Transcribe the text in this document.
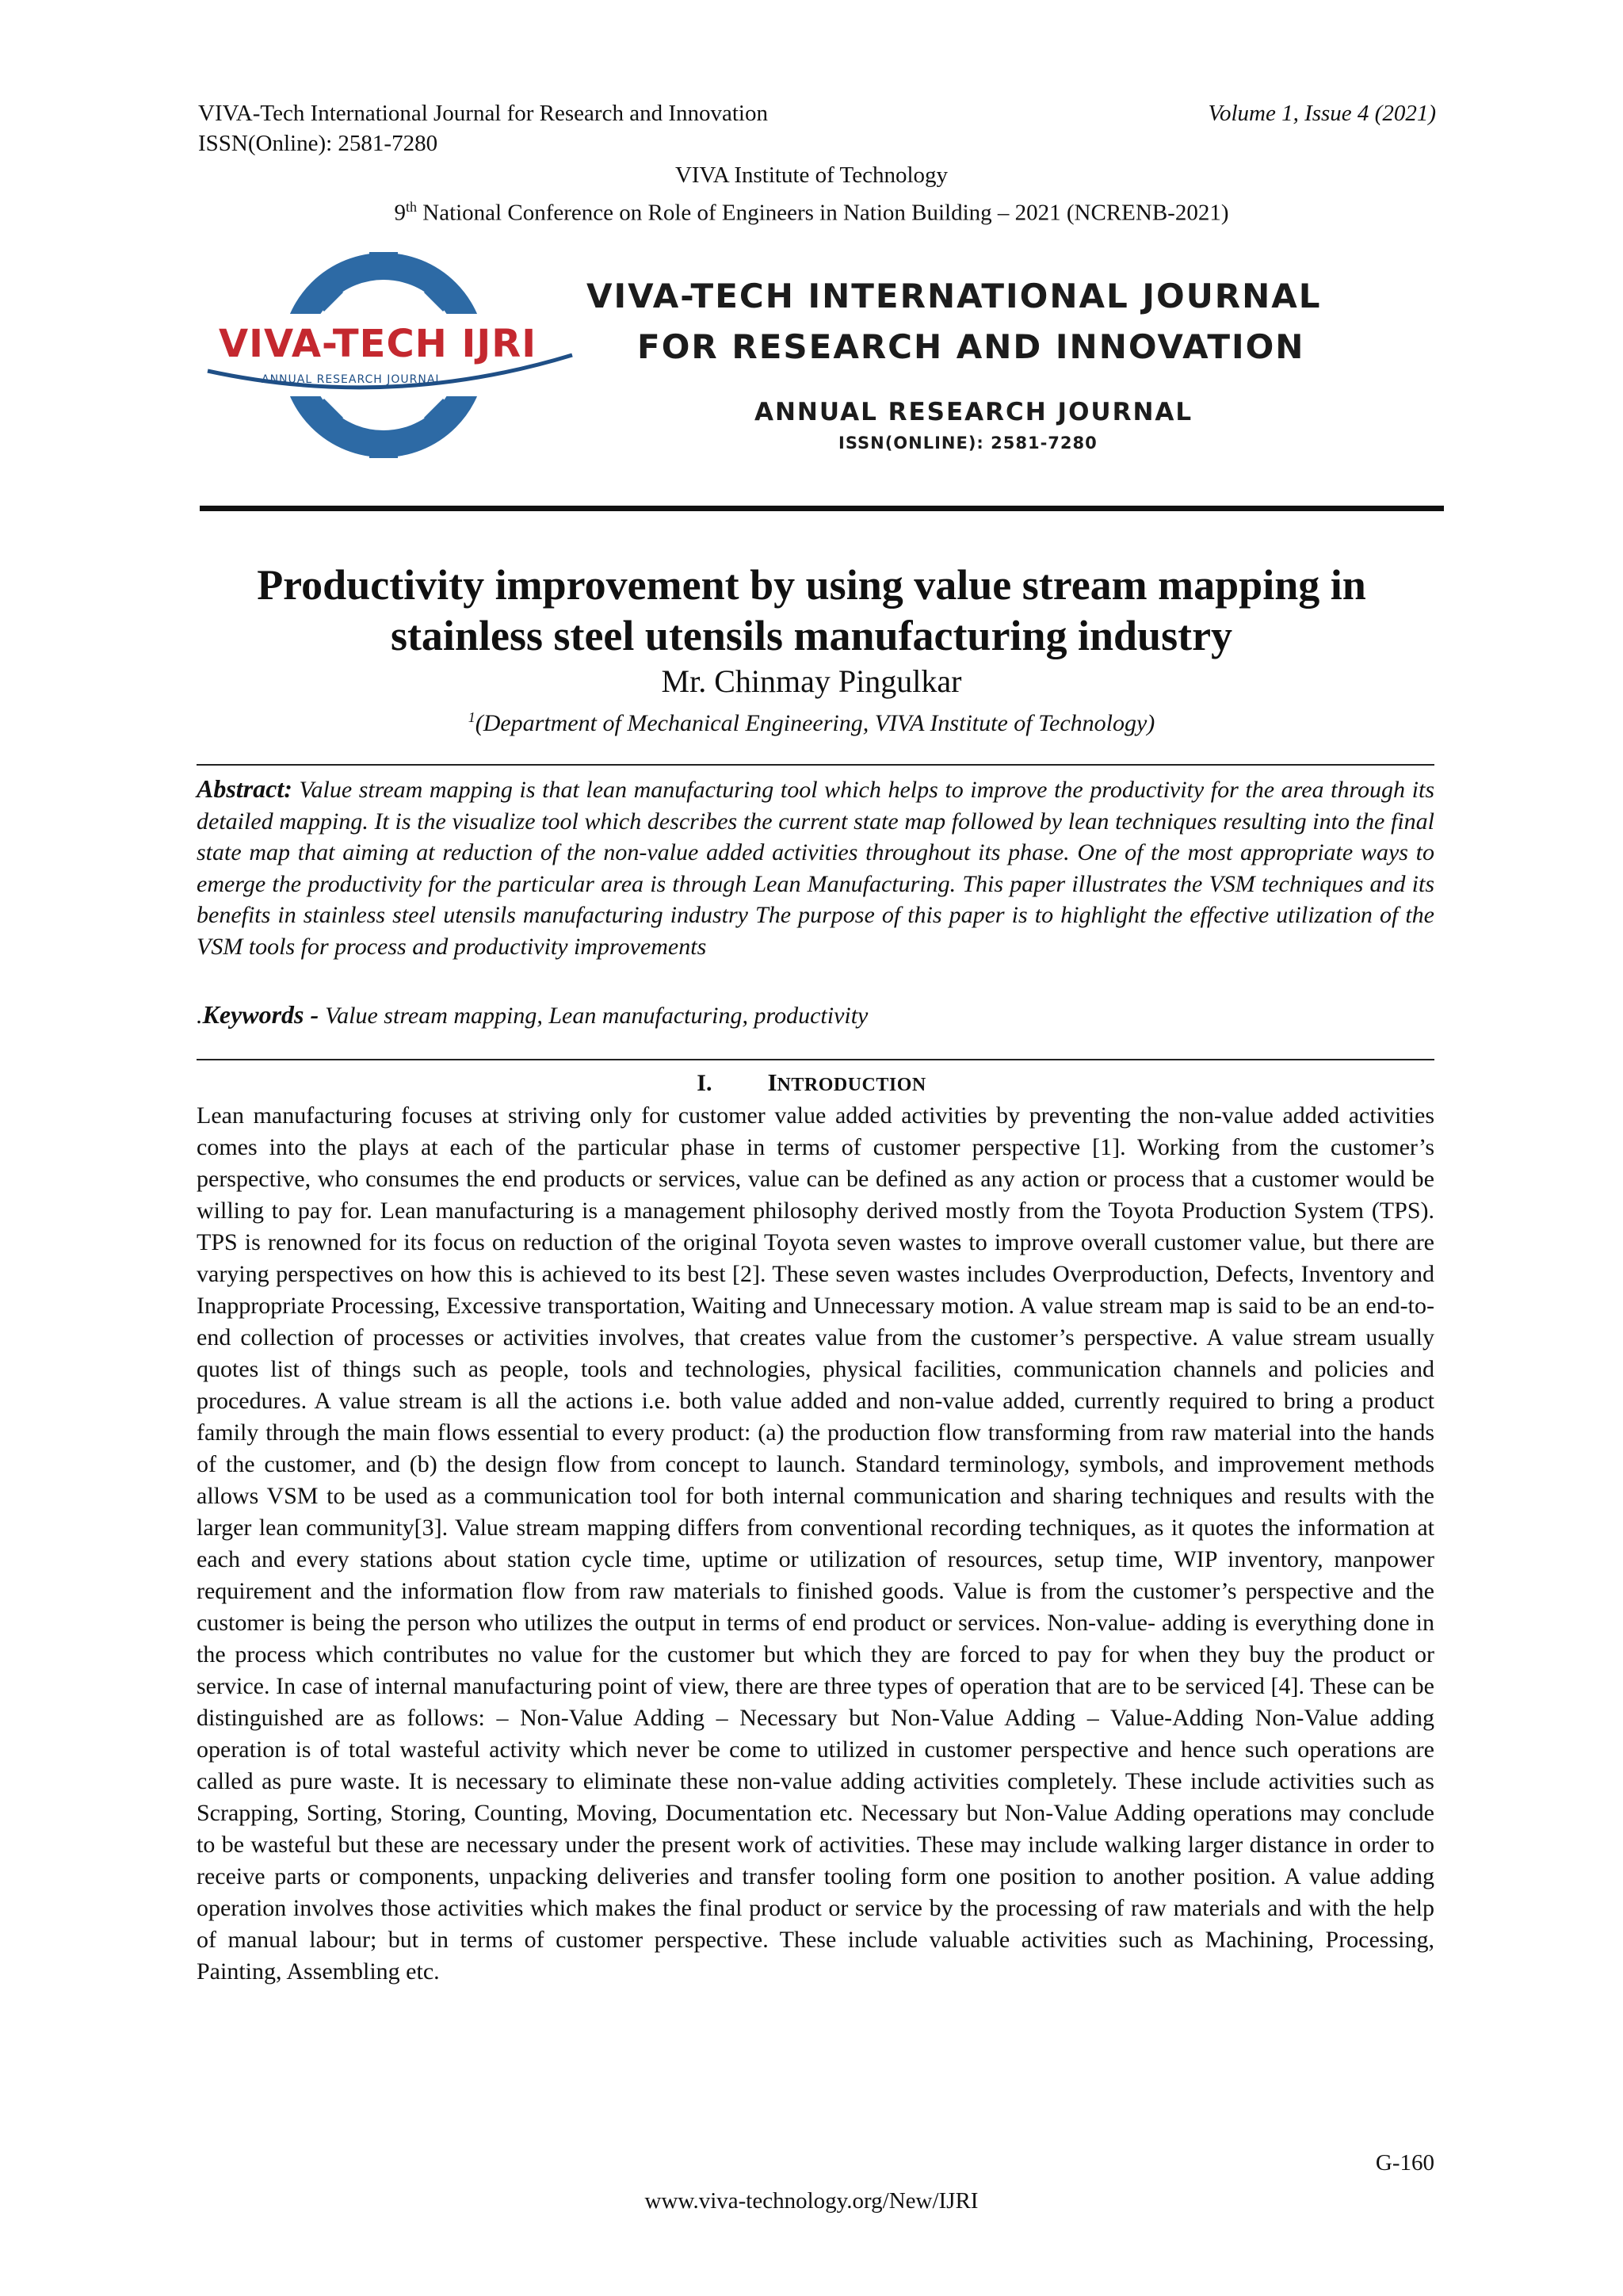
VIVA-Tech International Journal for Research and Innovation	Volume 1, Issue 4 (2021)
ISSN(Online): 2581-7280
VIVA Institute of Technology
9th National Conference on Role of Engineers in Nation Building – 2021 (NCRENB-2021)
VIVA-TECH IJRI
ANNUAL RESEARCH JOURNAL
VIVA-TECH INTERNATIONAL JOURNAL
FOR RESEARCH AND INNOVATION
ANNUAL RESEARCH JOURNAL
ISSN(ONLINE): 2581-7280
Productivity improvement by using value stream mapping in
stainless steel utensils manufacturing industry
Mr. Chinmay Pingulkar
$^1$(Department of Mechanical Engineering, VIVA Institute of Technology)
Abstract: Value stream mapping is that lean manufacturing tool which helps to improve the productivity for the area through its detailed mapping. It is the visualize tool which describes the current state map followed by lean techniques resulting into the final state map that aiming at reduction of the non-value added activities throughout its phase. One of the most appropriate ways to emerge the productivity for the particular area is through Lean Manufacturing. This paper illustrates the VSM techniques and its benefits in stainless steel utensils manufacturing industry The purpose of this paper is to highlight the effective utilization of the VSM tools for process and productivity improvements
.Keywords - Value stream mapping, Lean manufacturing, productivity
I. INTRODUCTION
Lean manufacturing focuses at striving only for customer value added activities by preventing the non-value added activities comes into the plays at each of the particular phase in terms of customer perspective [1]. Working from the customer’s perspective, who consumes the end products or services, value can be defined as any action or process that a customer would be willing to pay for. Lean manufacturing is a management philosophy derived mostly from the Toyota Production System (TPS). TPS is renowned for its focus on reduction of the original Toyota seven wastes to improve overall customer value, but there are varying perspectives on how this is achieved to its best [2]. These seven wastes includes Overproduction, Defects, Inventory and Inappropriate Processing, Excessive transportation, Waiting and Unnecessary motion. A value stream map is said to be an end-to-end collection of processes or activities involves, that creates value from the customer’s perspective. A value stream usually quotes list of things such as people, tools and technologies, physical facilities, communication channels and policies and procedures. A value stream is all the actions i.e. both value added and non-value added, currently required to bring a product family through the main flows essential to every product: (a) the production flow transforming from raw material into the hands of the customer, and (b) the design flow from concept to launch. Standard terminology, symbols, and improvement methods allows VSM to be used as a communication tool for both internal communication and sharing techniques and results with the larger lean community[3]. Value stream mapping differs from conventional recording techniques, as it quotes the information at each and every stations about station cycle time, uptime or utilization of resources, setup time, WIP inventory, manpower requirement and the information flow from raw materials to finished goods. Value is from the customer’s perspective and the customer is being the person who utilizes the output in terms of end product or services. Non-value- adding is everything done in the process which contributes no value for the customer but which they are forced to pay for when they buy the product or service. In case of internal manufacturing point of view, there are three types of operation that are to be serviced [4]. These can be distinguished are as follows: – Non-Value Adding – Necessary but Non-Value Adding – Value-Adding Non-Value adding operation is of total wasteful activity which never be come to utilized in customer perspective and hence such operations are called as pure waste. It is necessary to eliminate these non-value adding activities completely. These include activities such as Scrapping, Sorting, Storing, Counting, Moving, Documentation etc. Necessary but Non-Value Adding operations may conclude to be wasteful but these are necessary under the present work of activities. These may include walking larger distance in order to receive parts or components, unpacking deliveries and transfer tooling form one position to another position. A value adding operation involves those activities which makes the final product or service by the processing of raw materials and with the help of manual labour; but in terms of customer perspective. These include valuable activities such as Machining, Processing, Painting, Assembling etc.
G-160
www.viva-technology.org/New/IJRI
